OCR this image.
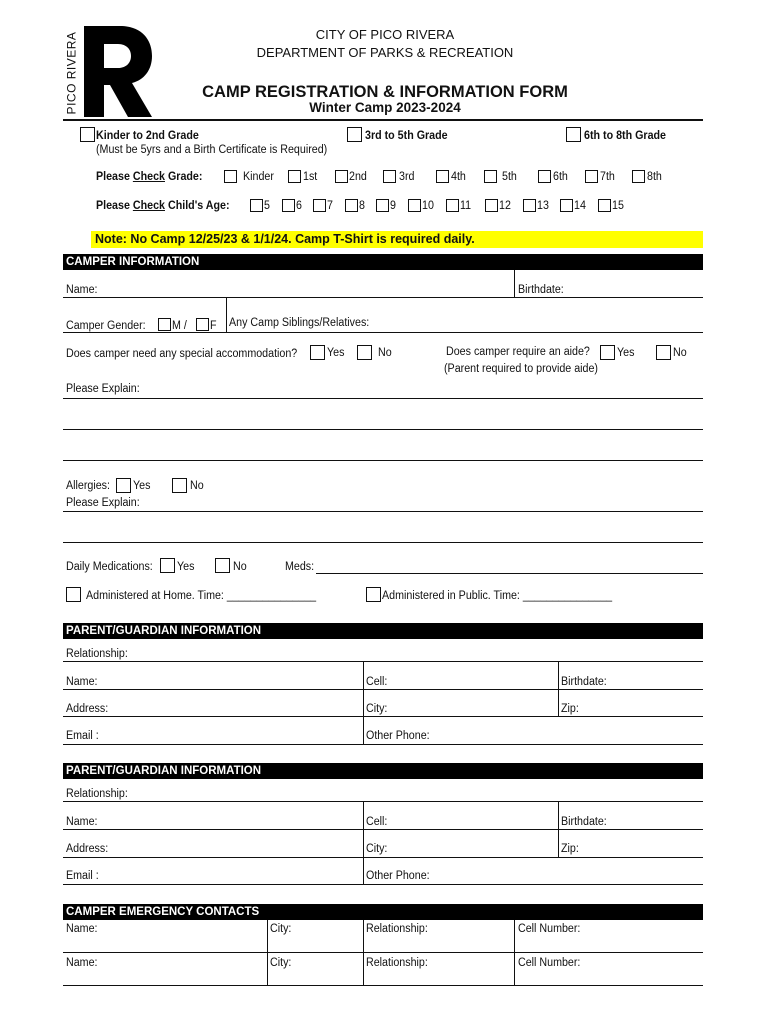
PICO RIVERA	CITY OF PICO RIVERA
DEPARTMENT OF PARKS & RECREATION
CAMP REGISTRATION & INFORMATION FORM
Winter Camp 2023-2024
Kinder to 2nd Grade
(Must be 5yrs and a Birth Certificate is Required)
3rd to 5th Grade	6th to 8th Grade
Please Check Grade:	Kinder	1st	2nd	3rd	4th	5th	6th	7th	8th
Please Check Child's Age:	5 6 7 8 9 10 11 12 13 14 15
Note: No Camp 12/25/23 & 1/1/24. Camp T-Shirt is required daily.
CAMPER INFORMATION
Name:	Birthdate:
Camper Gender: M / F Any Camp Siblings/Relatives:
Does camper need any special accommodation?	Yes	No	Does camper require an aide?
(Parent required to provide aide)
Yes	No
Please Explain:
Allergies: Yes	No
Please Explain:
Daily Medications: Yes	No	Meds:
Administered at Home. Time: _______________	Administered in Public. Time: _______________
PARENT/GUARDIAN INFORMATION
Relationship:
Name:	Cell:	Birthdate:
Address:	City:	Zip:
Email :	Other Phone:
PARENT/GUARDIAN INFORMATION
Relationship:
Name:	Cell:	Birthdate:
Address:	City:	Zip:
Email :	Other Phone:
CAMPER EMERGENCY CONTACTS
Name:	City:	Relationship:	Cell Number:
Name:	City:	Relationship:	Cell Number:
